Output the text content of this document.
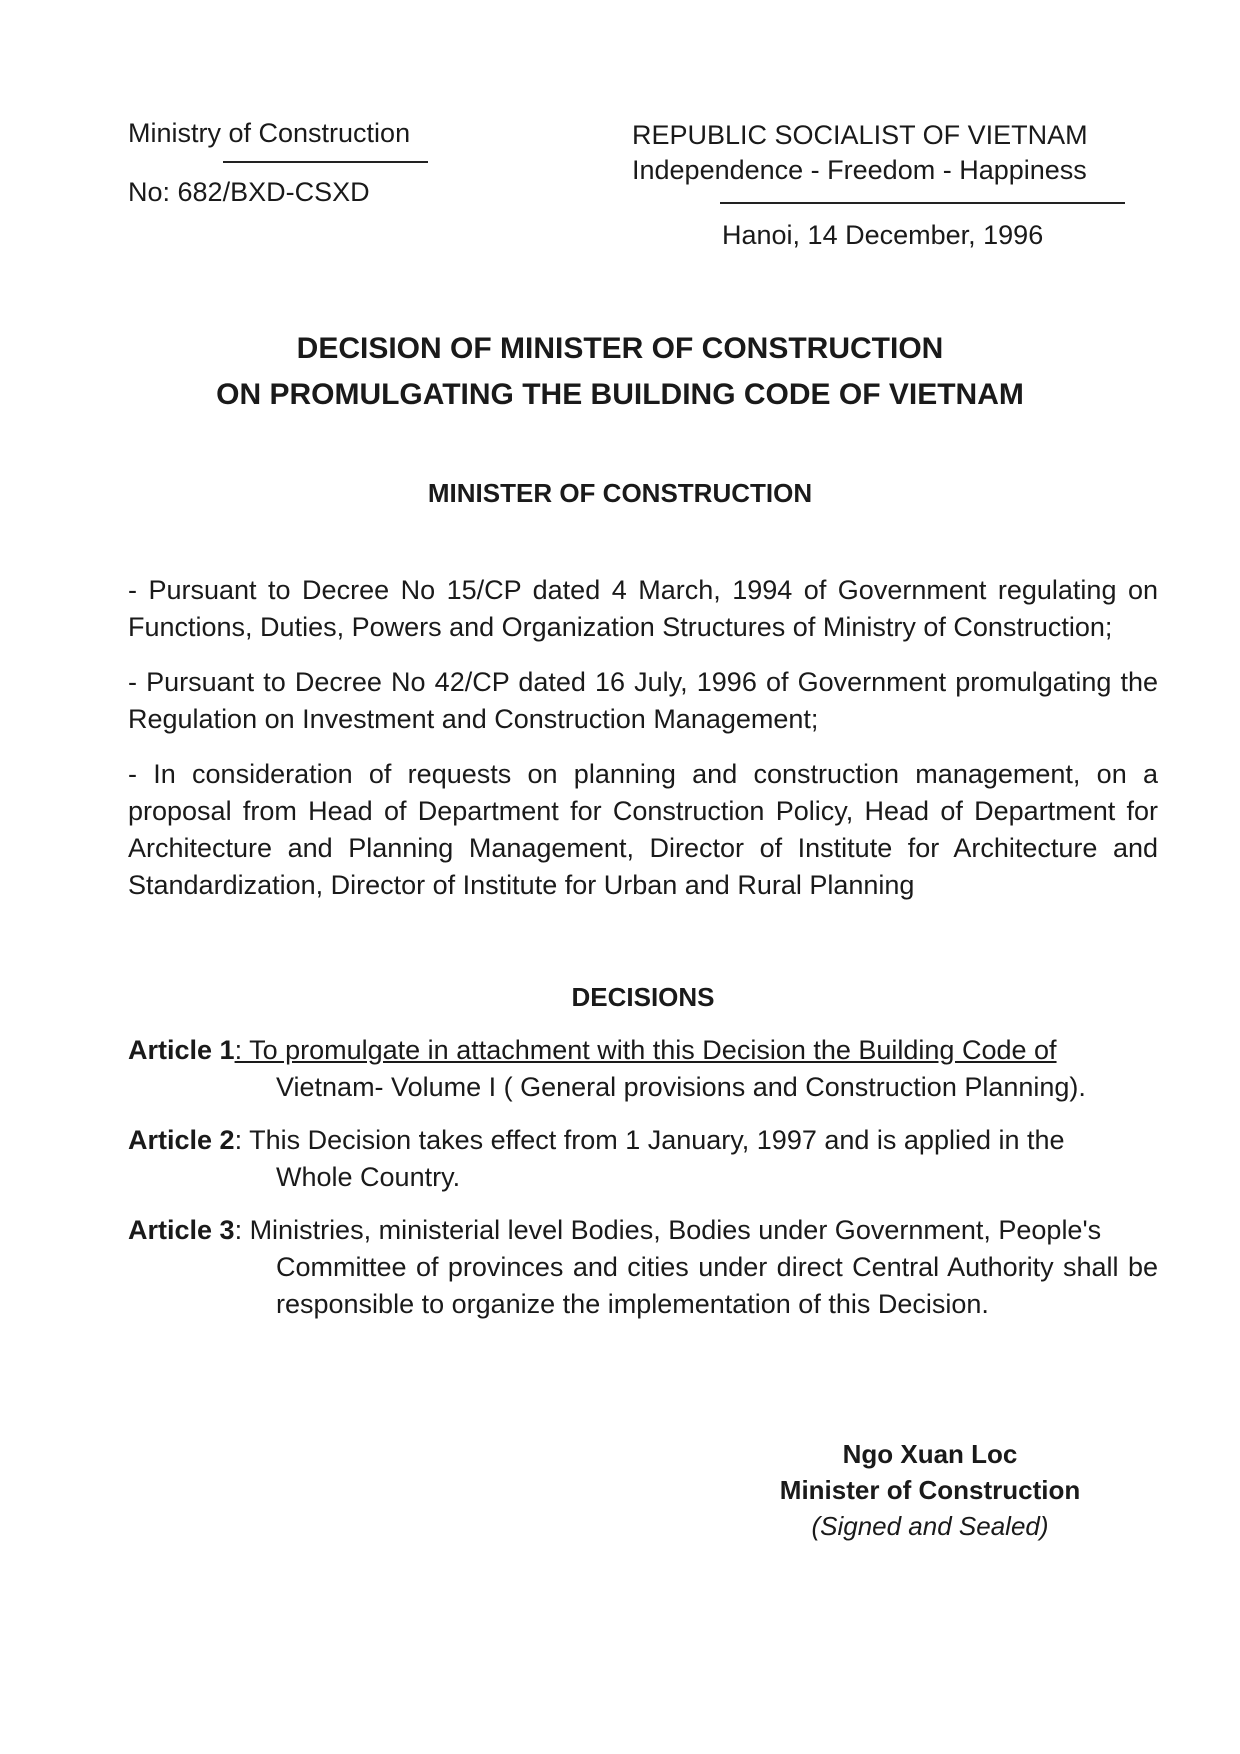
Ministry of Construction
No: 682/BXD-CSXD
REPUBLIC SOCIALIST OF VIETNAM
Independence - Freedom - Happiness
Hanoi, 14 December, 1996
DECISION OF MINISTER OF CONSTRUCTION
ON PROMULGATING THE BUILDING CODE OF VIETNAM
MINISTER OF CONSTRUCTION

- Pursuant to Decree No 15/CP dated 4 March, 1994 of Government regulating on Functions, Duties, Powers and Organization Structures of Ministry of Construction;

- Pursuant to Decree No 42/CP dated 16 July, 1996 of Government promulgating the Regulation on Investment and Construction Management;

- In consideration of requests on planning and construction management, on a proposal from Head of Department for Construction Policy, Head of Department for Architecture and Planning Management, Director of Institute for Architecture and Standardization, Director of Institute for Urban and Rural Planning

DECISIONS
Article 1: To promulgate in attachment with this Decision the Building Code of
Vietnam- Volume I ( General provisions and Construction Planning).
Article 2: This Decision takes effect from 1 January, 1997 and is applied in the
Whole Country.
Article 3: Ministries, ministerial level Bodies, Bodies under Government, People's
Committee of provinces and cities under direct Central Authority shall be responsible to organize the implementation of this Decision.
Ngo Xuan Loc
Minister of Construction
(Signed and Sealed)
